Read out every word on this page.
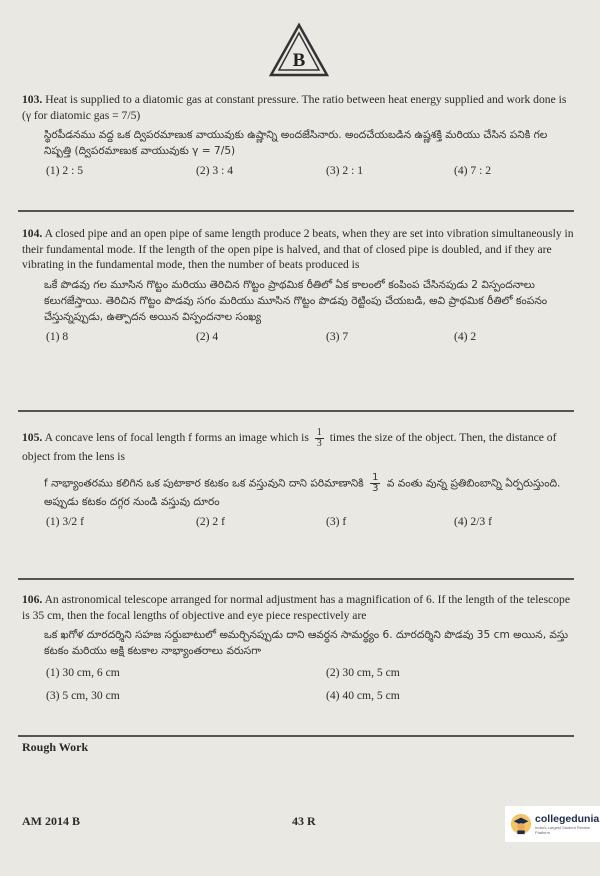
B

103. Heat is supplied to a diatomic gas at constant pressure. The ratio between heat energy supplied and work done is (γ for diatomic gas = 7/5)

స్థిరపీడనము వద్ద ఒక ద్విపరమాణుక వాయువుకు ఉష్ణాన్ని అందజేసినారు. అందచేయబడిన ఉష్ణశక్తి మరియు చేసిన పనికి గల నిష్పత్తి (ద్విపరమాణుక వాయువుకు γ = 7/5)
(1) 2 : 5	(2) 3 : 4	(3) 2 : 1	(4) 7 : 2

104. A closed pipe and an open pipe of same length produce 2 beats, when they are set into vibration simultaneously in their fundamental mode. If the length of the open pipe is halved, and that of closed pipe is doubled, and if they are vibrating in the fundamental mode, then the number of beats produced is

ఒకే పొడవు గల మూసిన గొట్టం మరియు తెరిచిన గొట్టం ప్రాథమిక రీతిలో ఏక కాలంలో కంపింప చేసినపుడు 2 విస్పందనాలు కలుగజేస్తాయి. తెరిచిన గొట్టం పొడవు సగం మరియు మూసిన గొట్టం పొడవు రెట్టింపు చేయబడి, అవి ప్రాథమిక రీతిలో కంపనం చేస్తున్నప్పుడు, ఉత్పాదన అయిన విస్పందనాల సంఖ్య
(1) 8	(2) 4	(3) 7	(4) 2

105. A concave lens of focal length f forms an image which is $\frac{1}{3}$ times the size of the object. Then, the distance of object from the lens is

f నాభ్యాంతరము కలిగిన ఒక పుటాకార కటకం ఒక వస్తువుని దాని పరిమాణానికి $\frac{1}{3}$ వ వంతు వున్న ప్రతిబింబాన్ని ఏర్పరుస్తుంది. అప్పుడు కటకం దగ్గర నుండి వస్తువు దూరం
(1) 3/2 f	(2) 2 f	(3) f	(4) 2/3 f

106. An astronomical telescope arranged for normal adjustment has a magnification of 6. If the length of the telescope is 35 cm, then the focal lengths of objective and eye piece respectively are

ఒక ఖగోళ దూరదర్శిని సహజ సర్దుబాటులో అమర్చినప్పుడు దాని ఆవర్ధన సామర్థ్యం 6. దూరదర్శిని పొడవు 35 cm అయిన, వస్తు కటకం మరియు అక్షి కటకాల నాభ్యాంతరాలు వరుసగా
(1) 30 cm, 6 cm	(2) 30 cm, 5 cm
(3) 5 cm, 30 cm	(4) 40 cm, 5 cm
Rough Work
AM 2014 B	43 R	collegedunia
India's Largest Student Review Platform
